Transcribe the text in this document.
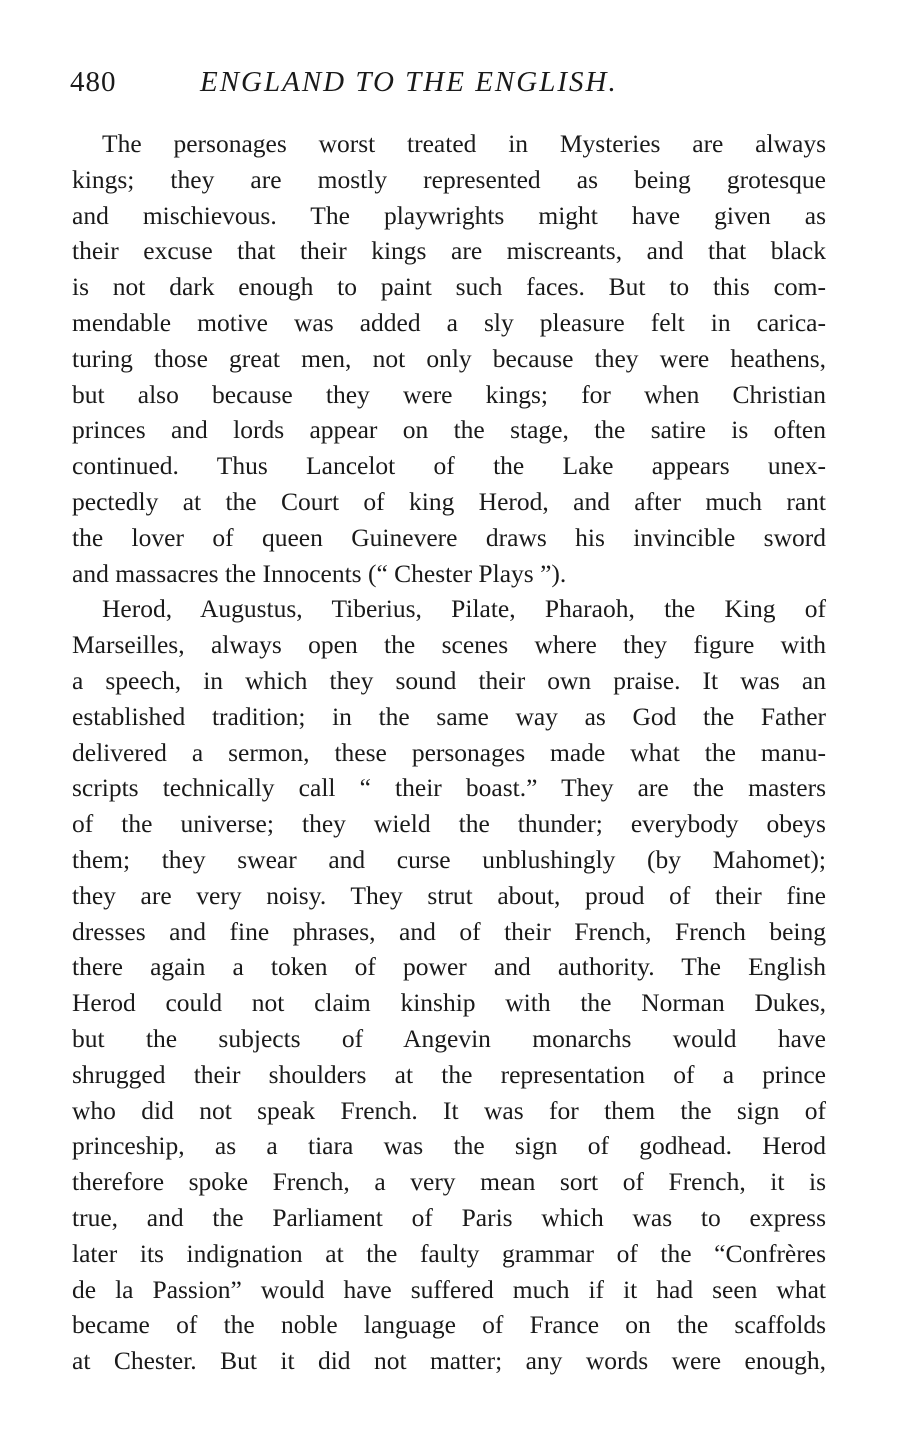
480	ENGLAND TO THE ENGLISH.
The personages worst treated in Mysteries are always
kings; they are mostly represented as being grotesque
and mischievous. The playwrights might have given as
their excuse that their kings are miscreants, and that black
is not dark enough to paint such faces. But to this com-
mendable motive was added a sly pleasure felt in carica-
turing those great men, not only because they were heathens,
but also because they were kings; for when Christian
princes and lords appear on the stage, the satire is often
continued. Thus Lancelot of the Lake appears unex-
pectedly at the Court of king Herod, and after much rant
the lover of queen Guinevere draws his invincible sword
and massacres the Innocents (“ Chester Plays ”).
Herod, Augustus, Tiberius, Pilate, Pharaoh, the King of
Marseilles, always open the scenes where they figure with
a speech, in which they sound their own praise. It was an
established tradition; in the same way as God the Father
delivered a sermon, these personages made what the manu-
scripts technically call “ their boast.” They are the masters
of the universe; they wield the thunder; everybody obeys
them; they swear and curse unblushingly (by Mahomet);
they are very noisy. They strut about, proud of their fine
dresses and fine phrases, and of their French, French being
there again a token of power and authority. The English
Herod could not claim kinship with the Norman Dukes,
but the subjects of Angevin monarchs would have
shrugged their shoulders at the representation of a prince
who did not speak French. It was for them the sign of
princeship, as a tiara was the sign of godhead. Herod
therefore spoke French, a very mean sort of French, it is
true, and the Parliament of Paris which was to express
later its indignation at the faulty grammar of the “Confrères
de la Passion” would have suffered much if it had seen what
became of the noble language of France on the scaffolds
at Chester. But it did not matter; any words were enough,
